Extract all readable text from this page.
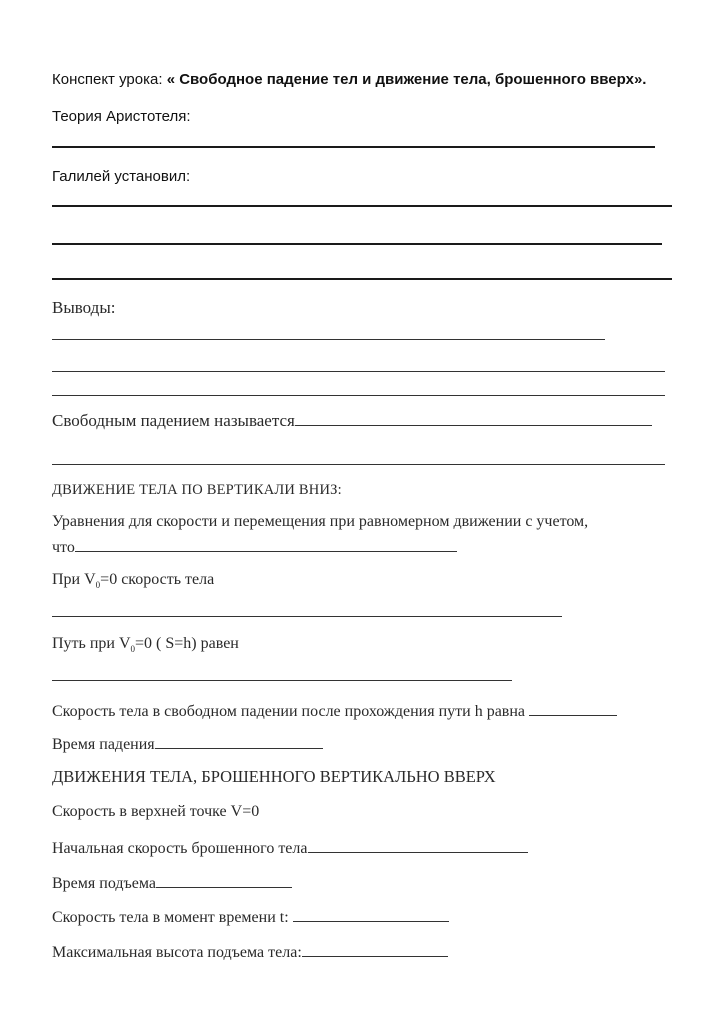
Конспект урока: « Свободное падение тел и движение тела, брошенного вверх».
Теория Аристотеля:
Галилей установил:
Выводы:
Свободным падением называется
ДВИЖЕНИЕ ТЕЛА ПО ВЕРТИКАЛИ ВНИЗ:
Уравнения для скорости и перемещения при равномерном движении с учетом,
что
При $V_0=0$ скорость тела
Путь при $V_0=0$ ( S=h) равен
Скорость тела в свободном падении после прохождения пути h равна
Время падения
ДВИЖЕНИЯ ТЕЛА, БРОШЕННОГО ВЕРТИКАЛЬНО ВВЕРХ
Скорость в верхней точке V=0
Начальная скорость брошенного тела
Время подъема
Скорость тела в момент времени t:
Максимальная высота подъема тела:
